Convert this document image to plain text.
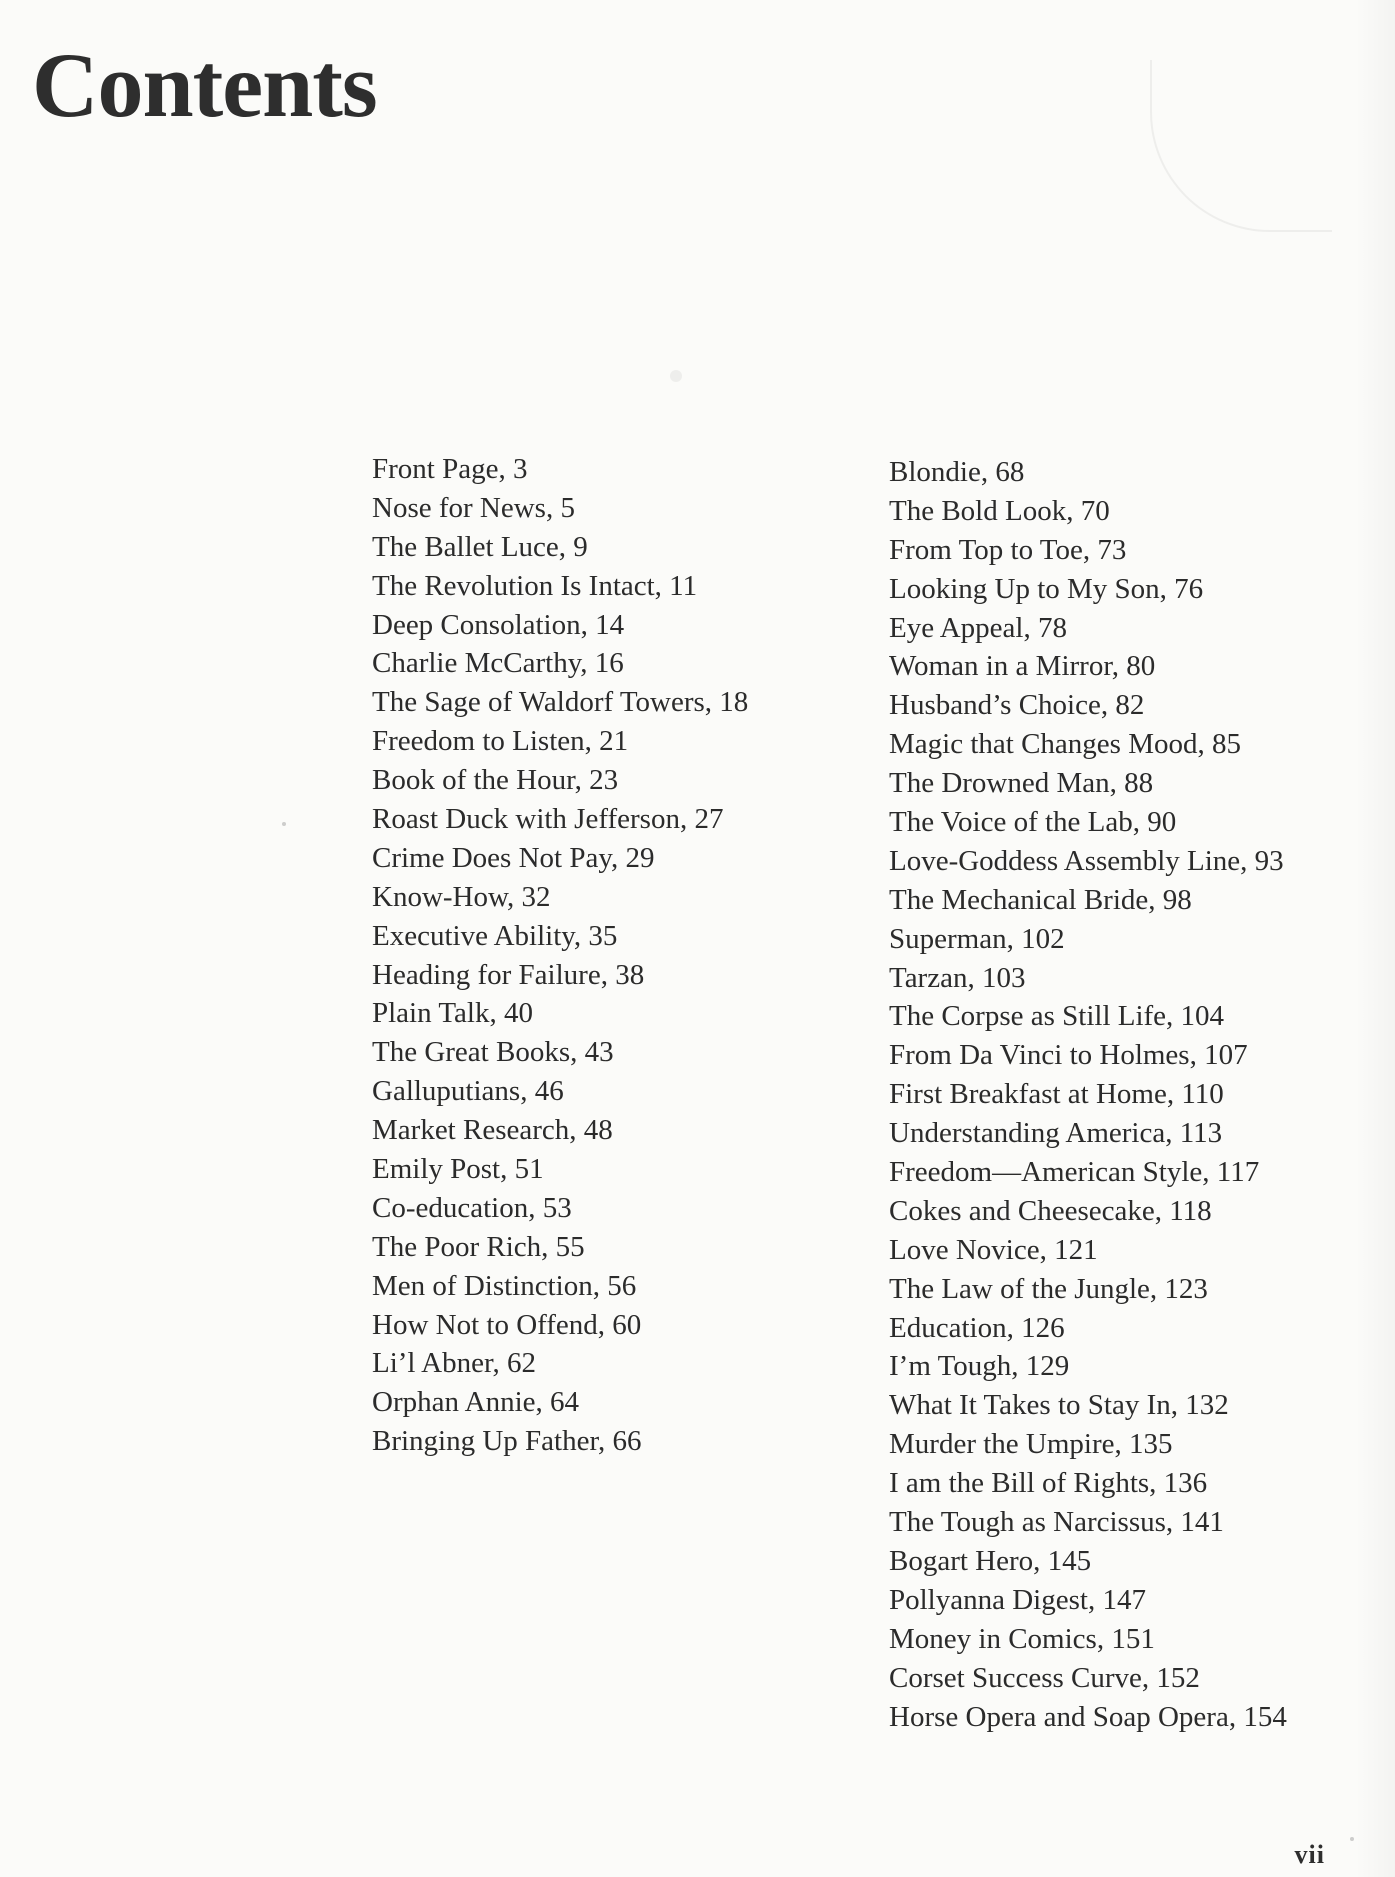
Contents
Front Page, 3
Nose for News, 5
The Ballet Luce, 9
The Revolution Is Intact, 11
Deep Consolation, 14
Charlie McCarthy, 16
The Sage of Waldorf Towers, 18
Freedom to Listen, 21
Book of the Hour, 23
Roast Duck with Jefferson, 27
Crime Does Not Pay, 29
Know-How, 32
Executive Ability, 35
Heading for Failure, 38
Plain Talk, 40
The Great Books, 43
Galluputians, 46
Market Research, 48
Emily Post, 51
Co-education, 53
The Poor Rich, 55
Men of Distinction, 56
How Not to Offend, 60
Li’l Abner, 62
Orphan Annie, 64
Bringing Up Father, 66
Blondie, 68
The Bold Look, 70
From Top to Toe, 73
Looking Up to My Son, 76
Eye Appeal, 78
Woman in a Mirror, 80
Husband’s Choice, 82
Magic that Changes Mood, 85
The Drowned Man, 88
The Voice of the Lab, 90
Love-Goddess Assembly Line, 93
The Mechanical Bride, 98
Superman, 102
Tarzan, 103
The Corpse as Still Life, 104
From Da Vinci to Holmes, 107
First Breakfast at Home, 110
Understanding America, 113
Freedom—American Style, 117
Cokes and Cheesecake, 118
Love Novice, 121
The Law of the Jungle, 123
Education, 126
I’m Tough, 129
What It Takes to Stay In, 132
Murder the Umpire, 135
I am the Bill of Rights, 136
The Tough as Narcissus, 141
Bogart Hero, 145
Pollyanna Digest, 147
Money in Comics, 151
Corset Success Curve, 152
Horse Opera and Soap Opera, 154

vii
